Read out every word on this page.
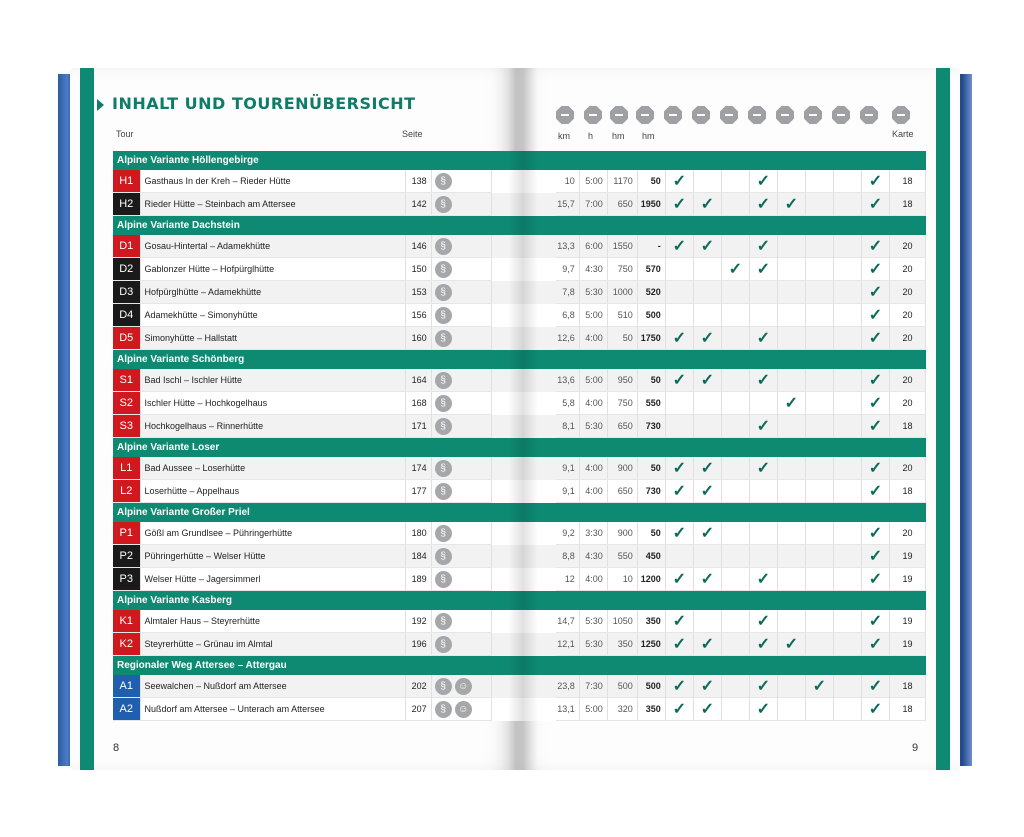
INHALT UND TOURENÜBERSICHT
Tour	Seite	km h hm hm	Karte
Alpine Variante Höllengebirge																	
H1	Gasthaus In der Kreh – Rieder Hütte	138	§		10	5:00	1170	50	✓			✓				✓	18
H2	Rieder Hütte – Steinbach am Attersee	142	§		15,7	7:00	650	1950	✓	✓		✓	✓			✓	18
Alpine Variante Dachstein																	
D1	Gosau-Hintertal – Adamekhütte	146	§		13,3	6:00	1550	-	✓	✓		✓				✓	20
D2	Gablonzer Hütte – Hofpürglhütte	150	§		9,7	4:30	750	570			✓	✓				✓	20
D3	Hofpürglhütte – Adamekhütte	153	§		7,8	5:30	1000	520								✓	20
D4	Adamekhütte – Simonyhütte	156	§		6,8	5:00	510	500								✓	20
D5	Simonyhütte – Hallstatt	160	§		12,6	4:00	50	1750	✓	✓		✓				✓	20
Alpine Variante Schönberg																	
S1	Bad Ischl – Ischler Hütte	164	§		13,6	5:00	950	50	✓	✓		✓				✓	20
S2	Ischler Hütte – Hochkogelhaus	168	§		5,8	4:00	750	550					✓			✓	20
S3	Hochkogelhaus – Rinnerhütte	171	§		8,1	5:30	650	730				✓				✓	18
Alpine Variante Loser																	
L1	Bad Aussee – Loserhütte	174	§		9,1	4:00	900	50	✓	✓		✓				✓	20
L2	Loserhütte – Appelhaus	177	§		9,1	4:00	650	730	✓	✓						✓	18
Alpine Variante Großer Priel																	
P1	Gößl am Grundlsee – Pühringerhütte	180	§		9,2	3:30	900	50	✓	✓						✓	20
P2	Pühringerhütte – Welser Hütte	184	§		8,8	4:30	550	450								✓	19
P3	Welser Hütte – Jagersimmerl	189	§		12	4:00	10	1200	✓	✓		✓				✓	19
Alpine Variante Kasberg																	
K1	Almtaler Haus – Steyrerhütte	192	§		14,7	5:30	1050	350	✓			✓				✓	19
K2	Steyrerhütte – Grünau im Almtal	196	§		12,1	5:30	350	1250	✓	✓		✓	✓			✓	19
Regionaler Weg Attersee – Attergau																	
A1	Seewalchen – Nußdorf am Attersee	202	§ ☺		23,8	7:30	500	500	✓	✓		✓		✓		✓	18
A2	Nußdorf am Attersee – Unterach am Attersee	207	§ ☺		13,1	5:00	320	350	✓	✓		✓				✓	18
8	9
